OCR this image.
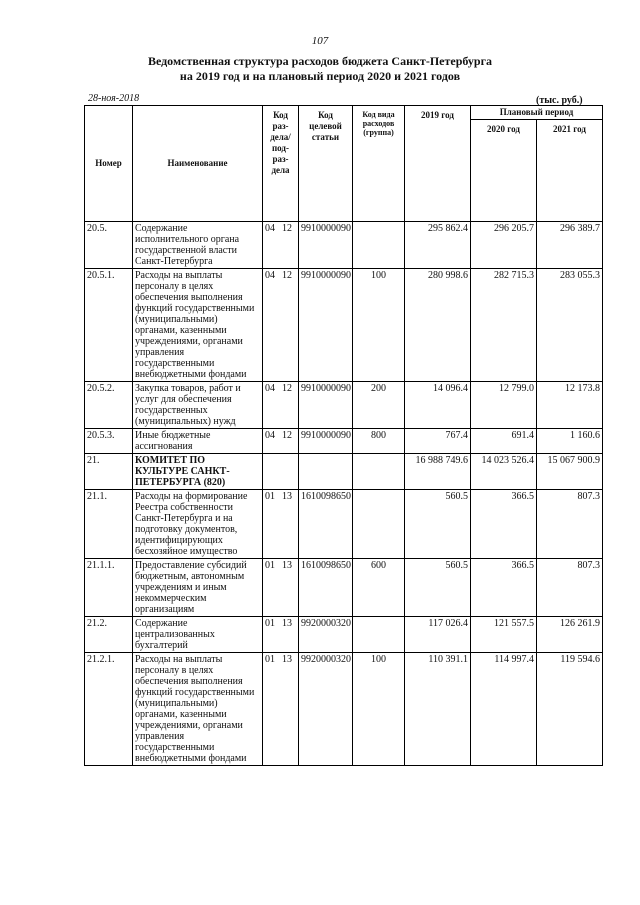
107
Ведомственная структура расходов бюджета Санкт-Петербурга
на 2019 год и на плановый период 2020 и 2021 годов
28-ноя-2018	(тыс. руб.)
Номер	Наименование	Код раз- дела/ под- раз- дела	Код целевой статьи	Код вида расходов (группа)	2019 год	Плановый период	
						2020 год	2021 год
20.5.	Содержание исполнительного органа государственной власти Санкт-Петербурга	04 12	9910000090		295 862.4	296 205.7	296 389.7
20.5.1.	Расходы на выплаты персоналу в целях обеспечения выполнения функций государственными (муниципальными) органами, казенными учреждениями, органами управления государственными внебюджетными фондами	04 12	9910000090	100	280 998.6	282 715.3	283 055.3
20.5.2.	Закупка товаров, работ и услуг для обеспечения государственных (муниципальных) нужд	04 12	9910000090	200	14 096.4	12 799.0	12 173.8
20.5.3.	Иные бюджетные ассигнования	04 12	9910000090	800	767.4	691.4	1 160.6
21.	КОМИТЕТ ПО КУЛЬТУРЕ САНКТ-ПЕТЕРБУРГА (820)				16 988 749.6	14 023 526.4	15 067 900.9
21.1.	Расходы на формирование Реестра собственности Санкт-Петербурга и на подготовку документов, идентифицирующих бесхозяйное имущество	01 13	1610098650		560.5	366.5	807.3
21.1.1.	Предоставление субсидий бюджетным, автономным учреждениям и иным некоммерческим организациям	01 13	1610098650	600	560.5	366.5	807.3
21.2.	Содержание централизованных бухгалтерий	01 13	9920000320		117 026.4	121 557.5	126 261.9
21.2.1.	Расходы на выплаты персоналу в целях обеспечения выполнения функций государственными (муниципальными) органами, казенными учреждениями, органами управления государственными внебюджетными фондами	01 13	9920000320	100	110 391.1	114 997.4	119 594.6
